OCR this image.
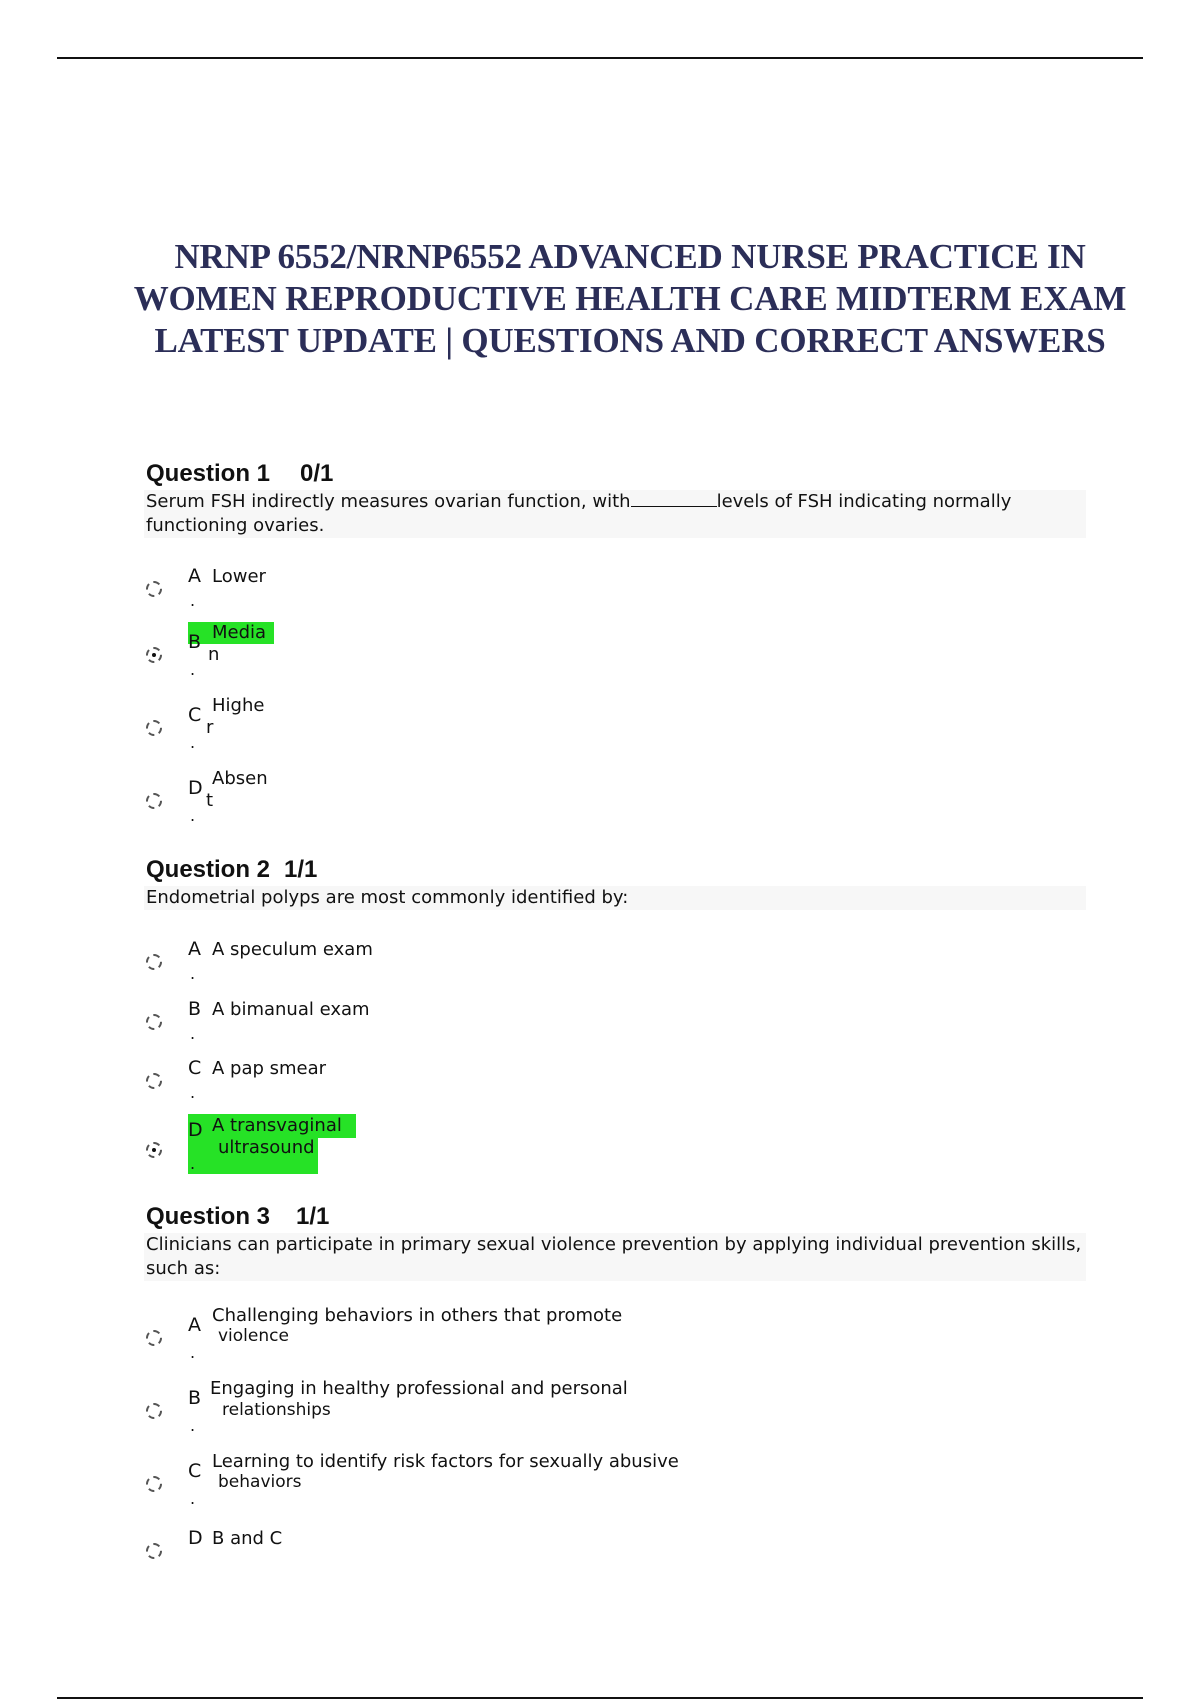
NRNP 6552/NRNP6552 ADVANCED NURSE PRACTICE IN WOMEN REPRODUCTIVE HEALTH CARE MIDTERM EXAM LATEST UPDATE | QUESTIONS AND CORRECT ANSWERS
Question 1 0/1
Serum FSH indirectly measures ovarian function, with	levels of FSH indicating normally functioning ovaries.
A
.
Lower
B Media
n
.
C Highe
r
.
D Absen
t
.
Question 2 1/1
Endometrial polyps are most commonly identified by:
A
.
A speculum exam
B
.
A bimanual exam
C
.
A pap smear
D A transvaginal
ultrasound
.
Question 3 1/1
Clinicians can participate in primary sexual violence prevention by applying individual prevention skills, such as:
A Challenging behaviors in others that promote
violence
.
B Engaging in healthy professional and personal
relationships
.
C Learning to identify risk factors for sexually abusive
behaviors
.
D B and C
